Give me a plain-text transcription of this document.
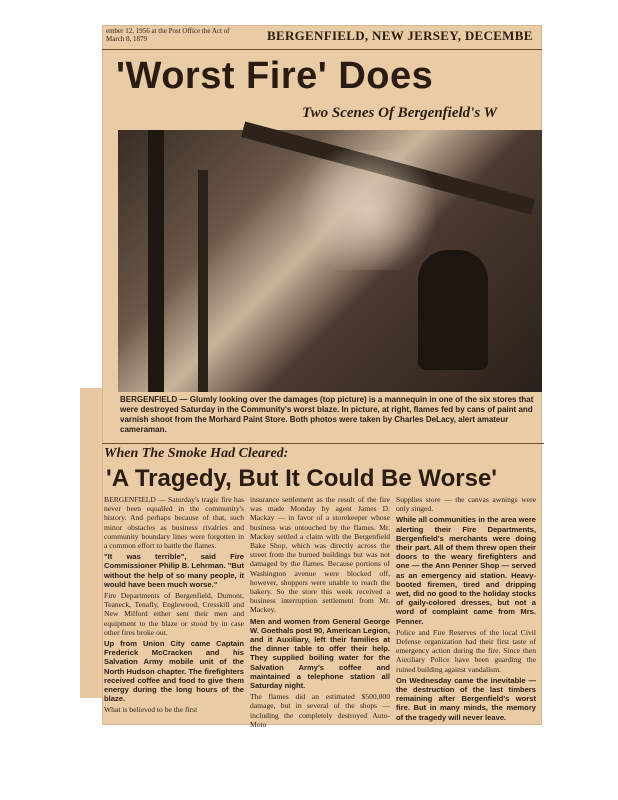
ember 12, 1956 at the Post Office the Act of March 8, 1879	BERGENFIELD, NEW JERSEY, DECEMBE
'Worst Fire' Does
Two Scenes Of Bergenfield's W
BERGENFIELD — Glumly looking over the damages (top picture) is a mannequin in one of the six stores that were destroyed Saturday in the Community's worst blaze. In picture, at right, flames fed by cans of paint and varnish shoot from the Morhard Paint Store. Both photos were taken by Charles DeLacy, alert amateur cameraman.
When The Smoke Had Cleared:
'A Tragedy, But It Could Be Worse'

BERGENFIELD — Saturday's tragic fire has never been equalled in the community's history. And perhaps because of that, such minor obstacles as business rivalries and community boundary lines were forgotten in a common effort to battle the flames.

"It was terrible", said Fire Commissioner Philip B. Lehrman. "But without the help of so many people, it would have been much worse."

Fire Departments of Bergenfield, Dumont, Teaneck, Tenafly, Englewood, Cresskill and New Milford either sent their men and equipment to the blaze or stood by in case other fires broke out.

Up from Union City came Captain Frederick McCracken and his Salvation Army mobile unit of the North Hudson chapter. The firefighters received coffee and food to give them energy during the long hours of the blaze.

What is believed to be the first

insurance settlement as the result of the fire was made Monday by agent James D. Mackay — in favor of a storekeeper whose business was untouched by the flames. Mr. Mackey settled a claim with the Bergenfield Bake Shop, which was directly across the street from the burned buildings but was not damaged by the flames. Because portions of Washington avenue were blocked off, however, shoppers were unable to reach the bakery. So the store this week received a business interruption settlement from Mr. Mackey.

Men and women from General George W. Goethals post 90, American Legion, and it Auxiliary, left their families at the dinner table to offer their help. They supplied boiling water for the Salvation Army's coffee and maintained a telephone station all Saturday night.

The flames did an estimated $500,000 damage, but in several of the shops — including the completely destroyed Auto-Moto

Supplies store — the canvas awnings were only singed.

While all communities in the area were alerting their Fire Departments, Bergenfield's merchants were doing their part. All of them threw open their doors to the weary firefighters and one — the Ann Penner Shop — served as an emergency aid station. Heavy-booted firemen, tired and dripping wet, did no good to the holiday stocks of gaily-colored dresses, but not a word of complaint came from Mrs. Penner.

Police and Fire Reserves of the local Civil Defense organization had their first taste of emergency action during the fire. Since then Auxiliary Police have been guarding the ruined building against vandalism.

On Wednesday came the inevitable — the destruction of the last timbers remaining after Bergenfield's worst fire. But in many minds, the memory of the tragedy will never leave.
